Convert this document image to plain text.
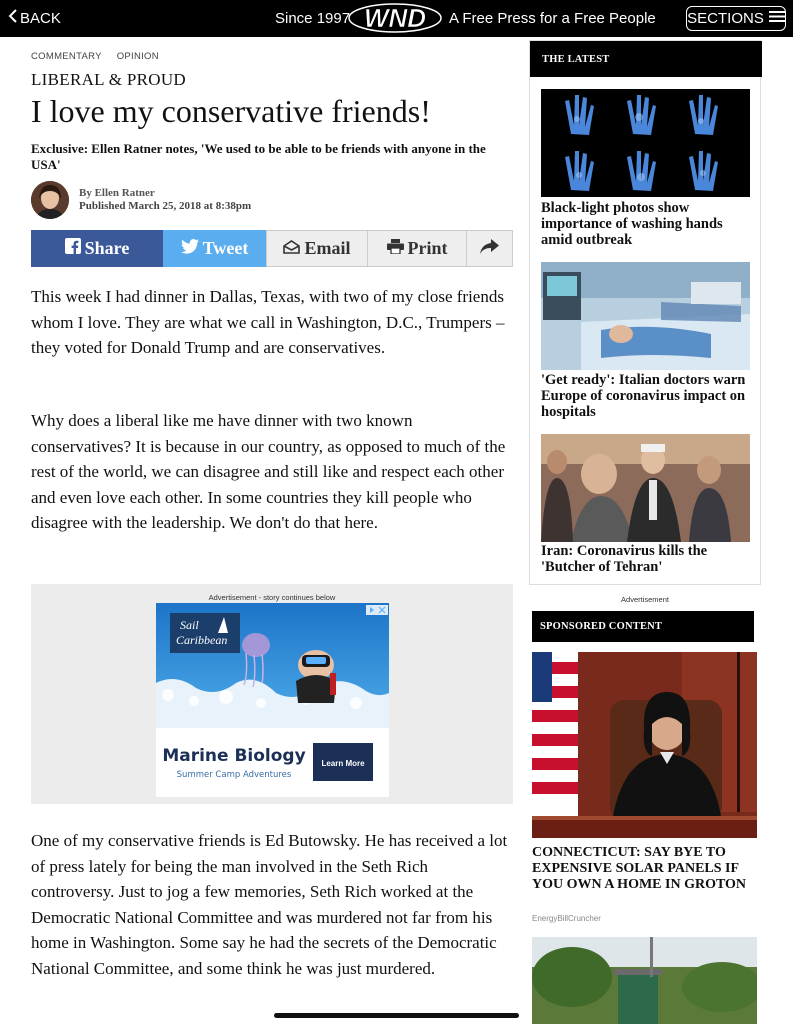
BACK	Since 1997 WND A Free Press for a Free People SECTIONS
COMMENTARY OPINION
LIBERAL & PROUD
I love my conservative friends!
Exclusive: Ellen Ratner notes, 'We used to be able to be friends with anyone in the USA'
By Ellen Ratner
Published March 25, 2018 at 8:38pm
Share	Tweet	Email	Print

This week I had dinner in Dallas, Texas, with two of my close friends whom I love. They are what we call in Washington, D.C., Trumpers – they voted for Donald Trump and are conservatives.

Why does a liberal like me have dinner with two known conservatives? It is because in our country, as opposed to much of the rest of the world, we can disagree and still like and respect each other and even love each other. In some countries they kill people who disagree with the leadership. We don't do that here.

Advertisement - story continues below
Sail
Caribbean
Marine Biology
Summer Camp Adventures
Learn More

One of my conservative friends is Ed Butowsky. He has received a lot of press lately for being the man involved in the Seth Rich controversy. Just to jog a few memories, Seth Rich worked at the Democratic National Committee and was murdered not far from his home in Washington. Some say he had the secrets of the Democratic National Committee, and some think he was just murdered.

THE LATEST
Black-light photos show importance of washing hands amid outbreak
'Get ready': Italian doctors warn Europe of coronavirus impact on hospitals
Iran: Coronavirus kills the 'Butcher of Tehran'
Advertisement
SPONSORED CONTENT
CONNECTICUT: SAY BYE TO EXPENSIVE SOLAR PANELS IF YOU OWN A HOME IN GROTON
EnergyBillCruncher
